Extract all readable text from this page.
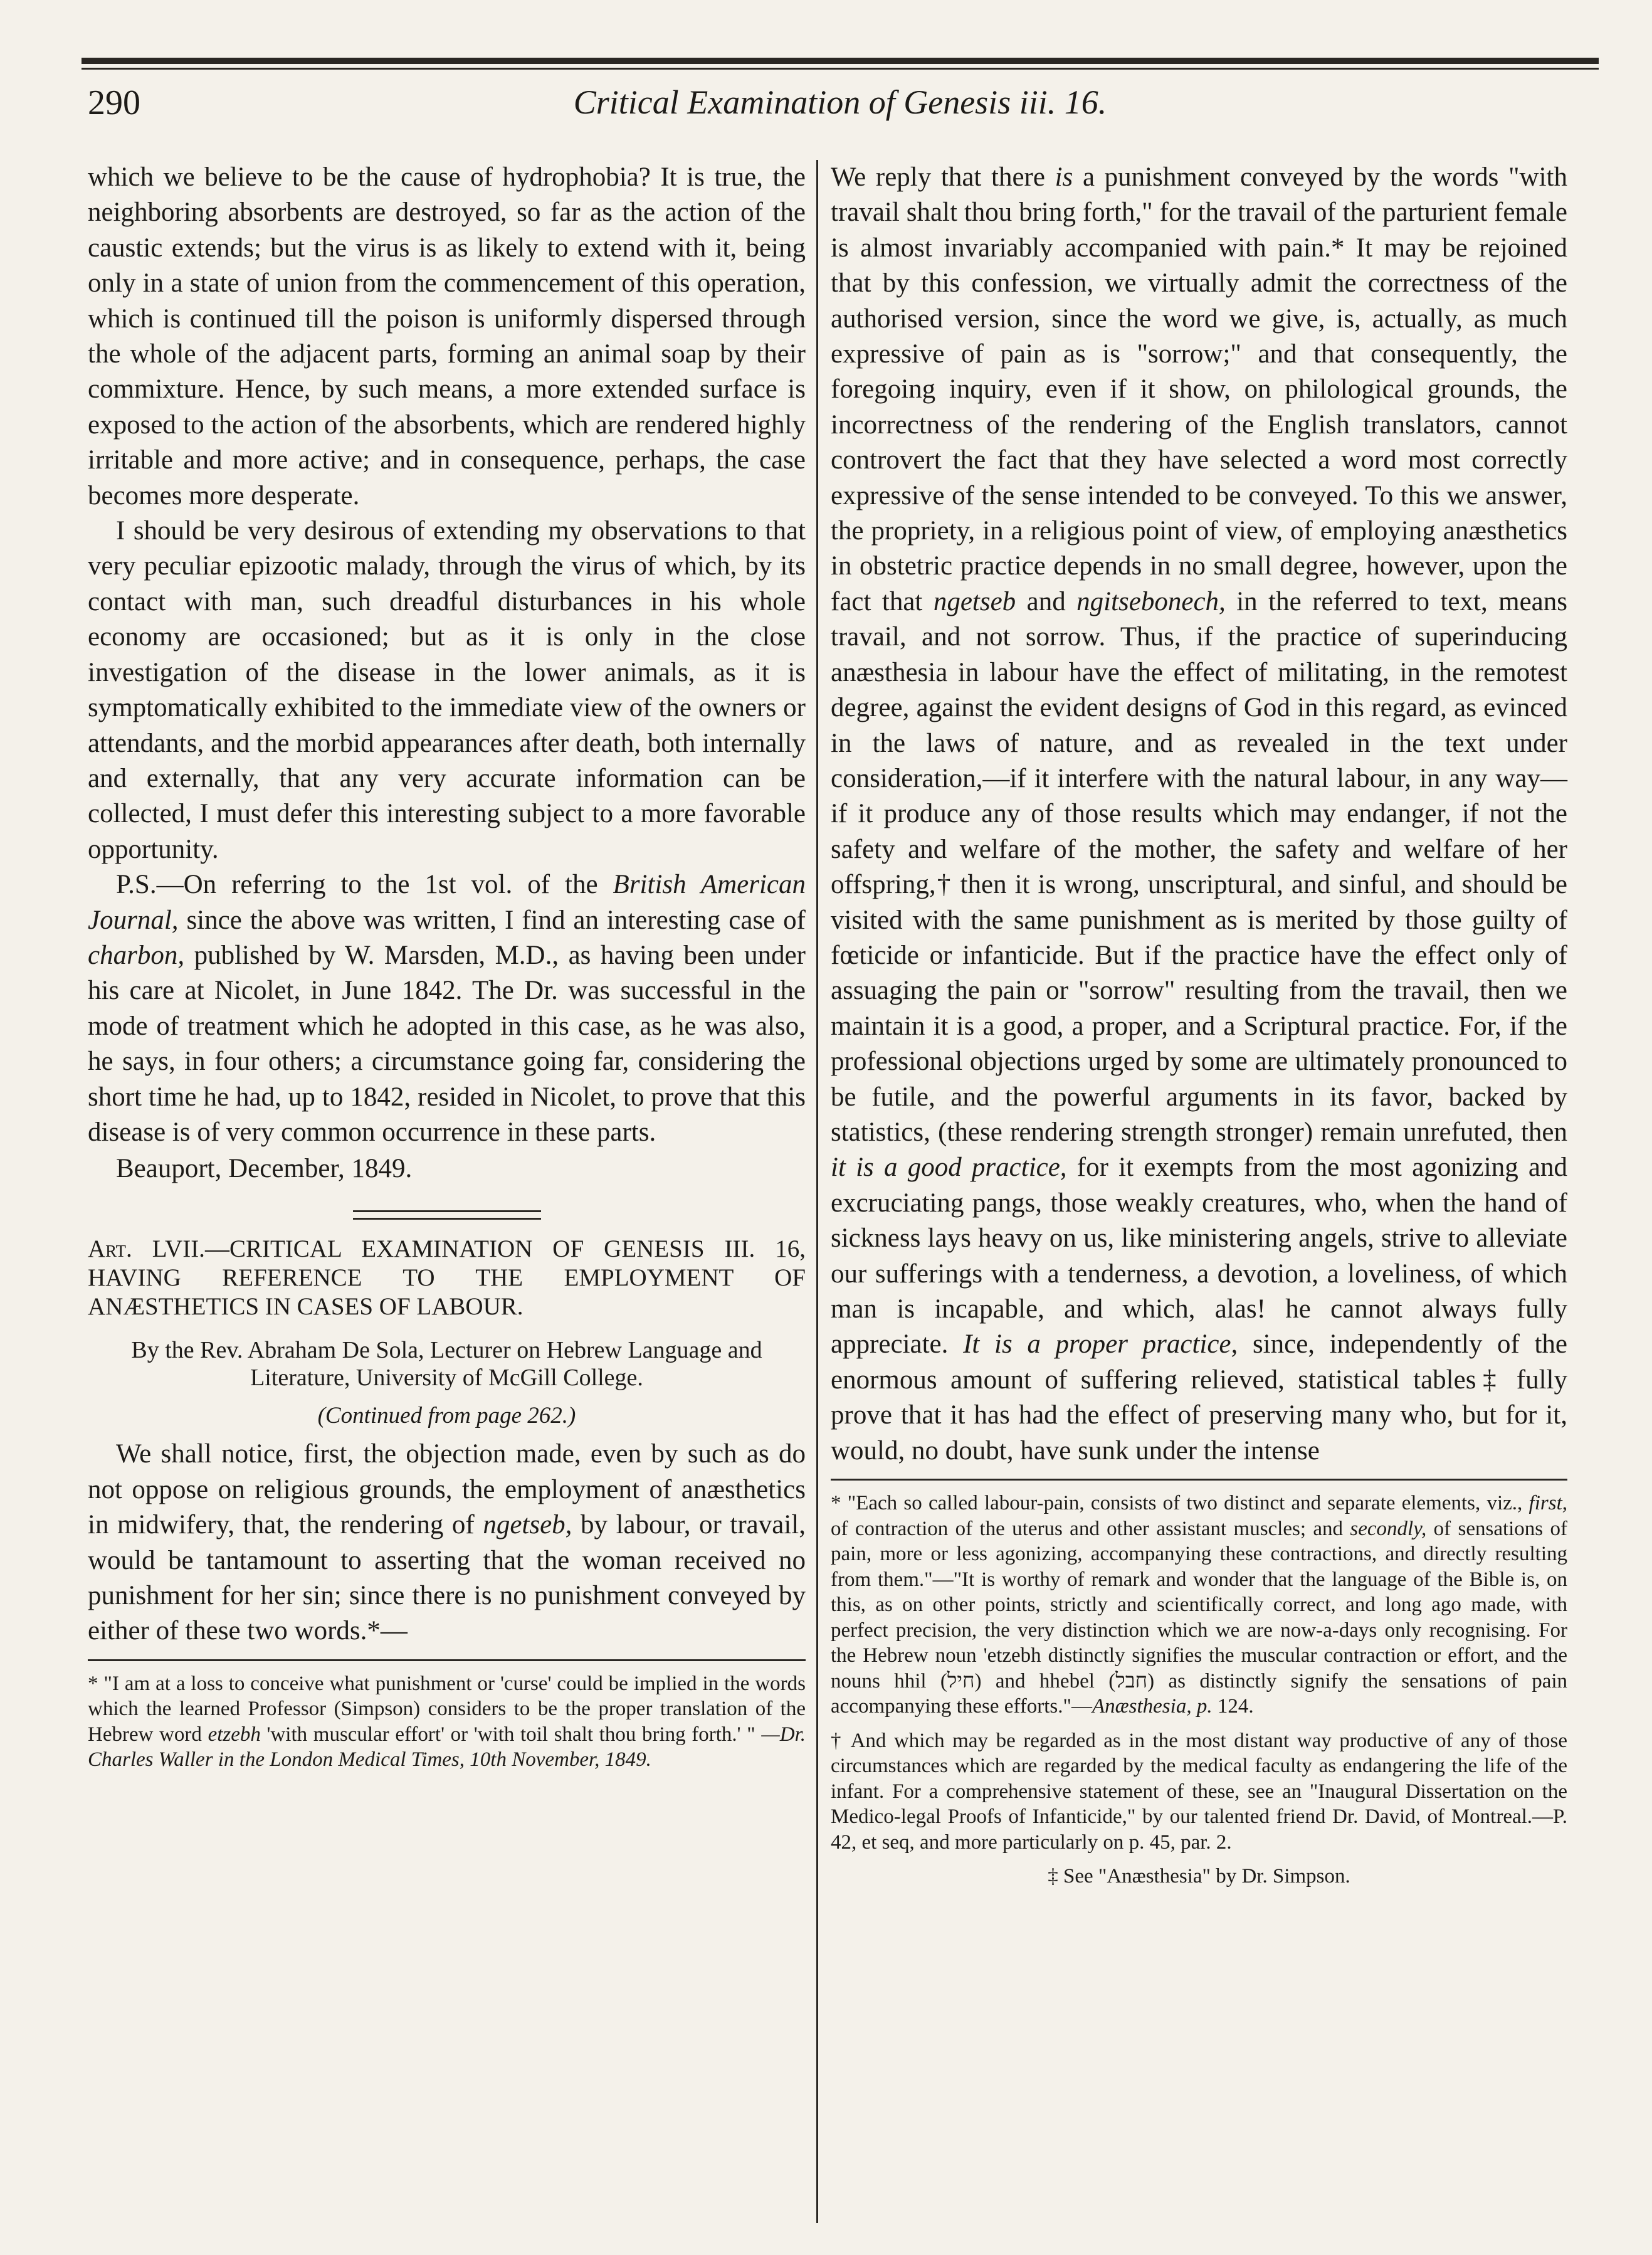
290	Critical Examination of Genesis iii. 16.

which we believe to be the cause of hydrophobia? It is true, the neighboring absorbents are destroyed, so far as the action of the caustic extends; but the virus is as likely to extend with it, being only in a state of union from the commencement of this operation, which is continued till the poison is uniformly dispersed through the whole of the adjacent parts, forming an animal soap by their commixture. Hence, by such means, a more extended surface is exposed to the action of the absorbents, which are rendered highly irritable and more active; and in consequence, perhaps, the case becomes more desperate.

I should be very desirous of extending my observations to that very peculiar epizootic malady, through the virus of which, by its contact with man, such dreadful disturbances in his whole economy are occasioned; but as it is only in the close investigation of the disease in the lower animals, as it is symptomatically exhibited to the immediate view of the owners or attendants, and the morbid appearances after death, both internally and externally, that any very accurate information can be collected, I must defer this interesting subject to a more favorable opportunity.

P.S.—On referring to the 1st vol. of the British American Journal, since the above was written, I find an interesting case of charbon, published by W. Marsden, M.D., as having been under his care at Nicolet, in June 1842. The Dr. was successful in the mode of treatment which he adopted in this case, as he was also, he says, in four others; a circumstance going far, considering the short time he had, up to 1842, resided in Nicolet, to prove that this disease is of very common occurrence in these parts.

Beauport, December, 1849.

Art. LVII.—CRITICAL EXAMINATION OF GENESIS III. 16, HAVING REFERENCE TO THE EMPLOYMENT OF ANÆSTHETICS IN CASES OF LABOUR.

By the Rev. Abraham De Sola, Lecturer on Hebrew Language and Literature, University of McGill College.

(Continued from page 262.)

We shall notice, first, the objection made, even by such as do not oppose on religious grounds, the employment of anæsthetics in midwifery, that, the rendering of ngetseb, by labour, or travail, would be tantamount to asserting that the woman received no punishment for her sin; since there is no punishment conveyed by either of these two words.*—

* "I am at a loss to conceive what punishment or 'curse' could be implied in the words which the learned Professor (Simpson) considers to be the proper translation of the Hebrew word etzebh 'with muscular effort' or 'with toil shalt thou bring forth.' " —Dr. Charles Waller in the London Medical Times, 10th November, 1849.

We reply that there is a punishment conveyed by the words "with travail shalt thou bring forth," for the travail of the parturient female is almost invariably accompanied with pain.* It may be rejoined that by this confession, we virtually admit the correctness of the authorised version, since the word we give, is, actually, as much expressive of pain as is "sorrow;" and that consequently, the foregoing inquiry, even if it show, on philological grounds, the incorrectness of the rendering of the English translators, cannot controvert the fact that they have selected a word most correctly expressive of the sense intended to be conveyed. To this we answer, the propriety, in a religious point of view, of employing anæsthetics in obstetric practice depends in no small degree, however, upon the fact that ngetseb and ngitsebonech, in the referred to text, means travail, and not sorrow. Thus, if the practice of superinducing anæsthesia in labour have the effect of militating, in the remotest degree, against the evident designs of God in this regard, as evinced in the laws of nature, and as revealed in the text under consideration,—if it interfere with the natural labour, in any way—if it produce any of those results which may endanger, if not the safety and welfare of the mother, the safety and welfare of her offspring,† then it is wrong, unscriptural, and sinful, and should be visited with the same punishment as is merited by those guilty of fœticide or infanticide. But if the practice have the effect only of assuaging the pain or "sorrow" resulting from the travail, then we maintain it is a good, a proper, and a Scriptural practice. For, if the professional objections urged by some are ultimately pronounced to be futile, and the powerful arguments in its favor, backed by statistics, (these rendering strength stronger) remain unrefuted, then it is a good practice, for it exempts from the most agonizing and excruciating pangs, those weakly creatures, who, when the hand of sickness lays heavy on us, like ministering angels, strive to alleviate our sufferings with a tenderness, a devotion, a loveliness, of which man is incapable, and which, alas! he cannot always fully appreciate. It is a proper practice, since, independently of the enormous amount of suffering relieved, statistical tables‡ fully prove that it has had the effect of preserving many who, but for it, would, no doubt, have sunk under the intense

* "Each so called labour-pain, consists of two distinct and separate elements, viz., first, of contraction of the uterus and other assistant muscles; and secondly, of sensations of pain, more or less agonizing, accompanying these contractions, and directly resulting from them."—"It is worthy of remark and wonder that the language of the Bible is, on this, as on other points, strictly and scientifically correct, and long ago made, with perfect precision, the very distinction which we are now-a-days only recognising. For the Hebrew noun 'etzebh distinctly signifies the muscular contraction or effort, and the nouns hhil (חיל) and hhebel (חבל) as distinctly signify the sensations of pain accompanying these efforts."—Anæsthesia, p. 124.

† And which may be regarded as in the most distant way productive of any of those circumstances which are regarded by the medical faculty as endangering the life of the infant. For a comprehensive statement of these, see an "Inaugural Dissertation on the Medico-legal Proofs of Infanticide," by our talented friend Dr. David, of Montreal.—P. 42, et seq, and more particularly on p. 45, par. 2.

‡ See "Anæsthesia" by Dr. Simpson.
